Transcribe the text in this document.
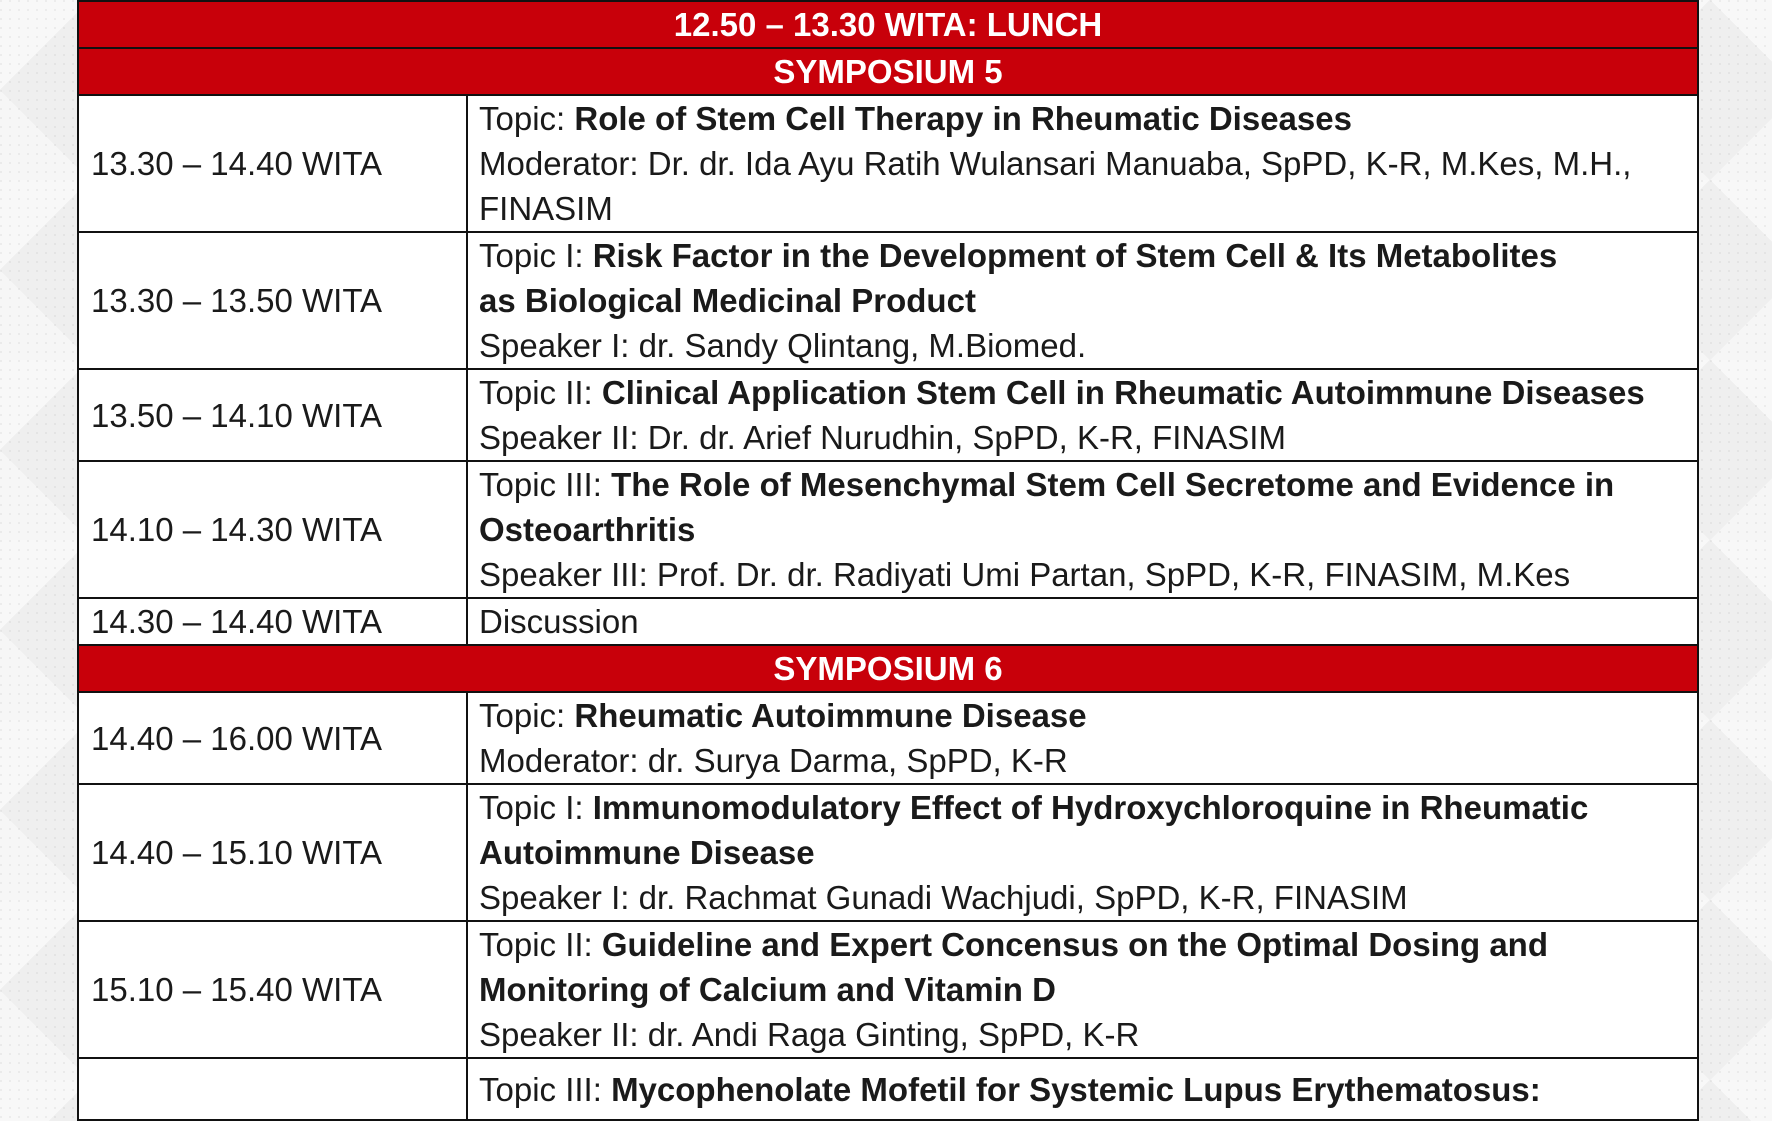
12.50 – 13.30 WITA: LUNCH	
SYMPOSIUM 5	
13.30 – 14.40 WITA	Topic: Role of Stem Cell Therapy in Rheumatic Diseases
Moderator: Dr. dr. Ida Ayu Ratih Wulansari Manuaba, SpPD, K-R, M.Kes, M.H.,
FINASIM

13.30 – 13.50 WITA	Topic I: Risk Factor in the Development of Stem Cell & Its Metabolites
as Biological Medicinal Product
Speaker I: dr. Sandy Qlintang, M.Biomed.

13.50 – 14.10 WITA	Topic II: Clinical Application Stem Cell in Rheumatic Autoimmune Diseases
Speaker II: Dr. dr. Arief Nurudhin, SpPD, K-R, FINASIM

14.10 – 14.30 WITA	Topic III: The Role of Mesenchymal Stem Cell Secretome and Evidence in
Osteoarthritis
Speaker III: Prof. Dr. dr. Radiyati Umi Partan, SpPD, K-R, FINASIM, M.Kes

14.30 – 14.40 WITA	Discussion
SYMPOSIUM 6	
14.40 – 16.00 WITA	Topic: Rheumatic Autoimmune Disease
Moderator: dr. Surya Darma, SpPD, K-R

14.40 – 15.10 WITA	Topic I: Immunomodulatory Effect of Hydroxychloroquine in Rheumatic
Autoimmune Disease
Speaker I: dr. Rachmat Gunadi Wachjudi, SpPD, K-R, FINASIM

15.10 – 15.40 WITA	Topic II: Guideline and Expert Concensus on the Optimal Dosing and
Monitoring of Calcium and Vitamin D
Speaker II: dr. Andi Raga Ginting, SpPD, K-R

	Topic III: Mycophenolate Mofetil for Systemic Lupus Erythematosus:
